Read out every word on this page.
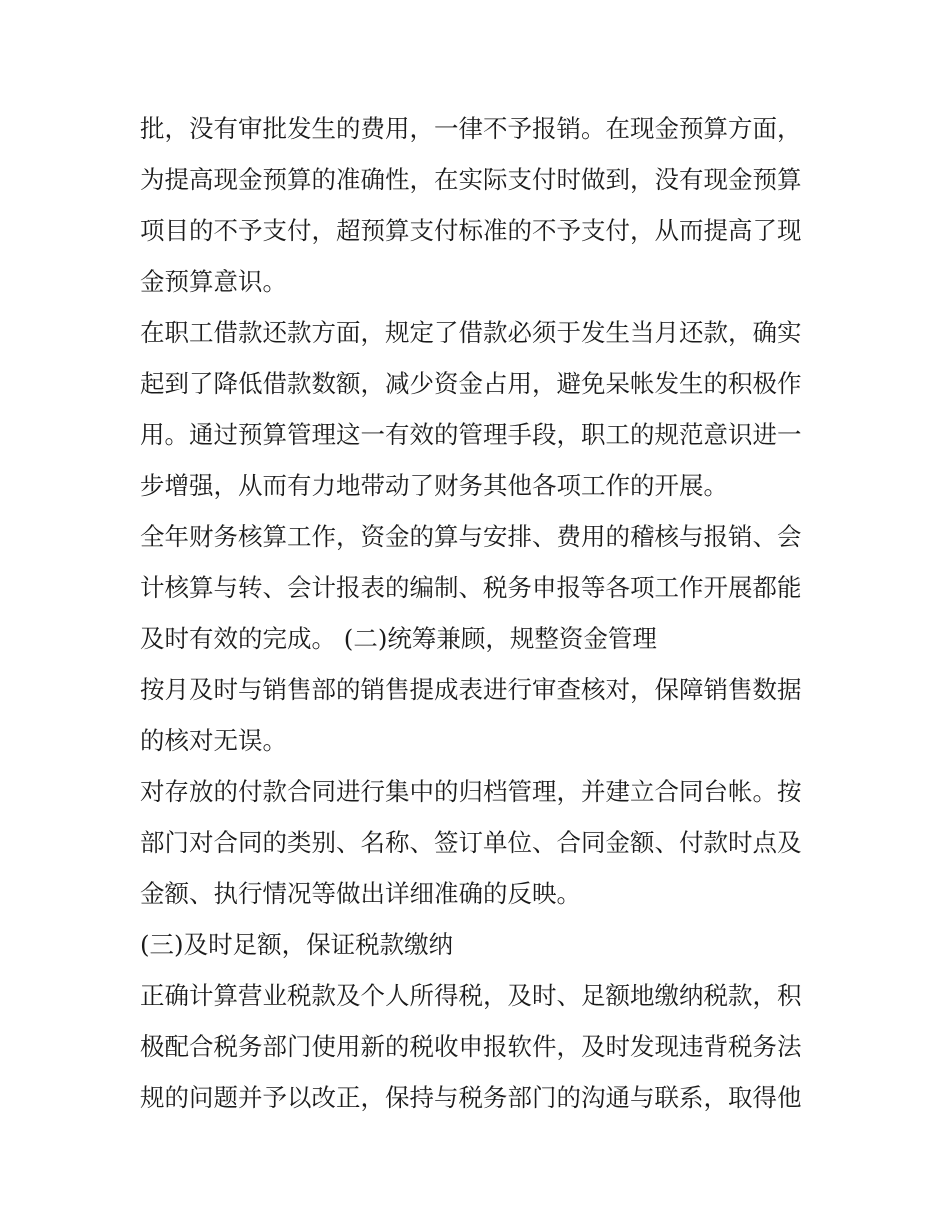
批，没有审批发生的费用，一律不予报销。在现金预算方面，
为提高现金预算的准确性，在实际支付时做到，没有现金预算
项目的不予支付，超预算支付标准的不予支付，从而提高了现
金预算意识。
在职工借款还款方面，规定了借款必须于发生当月还款，确实
起到了降低借款数额，减少资金占用，避免呆帐发生的积极作
用。通过预算管理这一有效的管理手段，职工的规范意识进一
步增强，从而有力地带动了财务其他各项工作的开展。
全年财务核算工作，资金的算与安排、费用的稽核与报销、会
计核算与转、会计报表的编制、税务申报等各项工作开展都能
及时有效的完成。 (二)统筹兼顾，规整资金管理
按月及时与销售部的销售提成表进行审查核对，保障销售数据
的核对无误。
对存放的付款合同进行集中的归档管理，并建立合同台帐。按
部门对合同的类别、名称、签订单位、合同金额、付款时点及
金额、执行情况等做出详细准确的反映。
(三)及时足额，保证税款缴纳
正确计算营业税款及个人所得税，及时、足额地缴纳税款，积
极配合税务部门使用新的税收申报软件，及时发现违背税务法
规的问题并予以改正，保持与税务部门的沟通与联系，取得他
